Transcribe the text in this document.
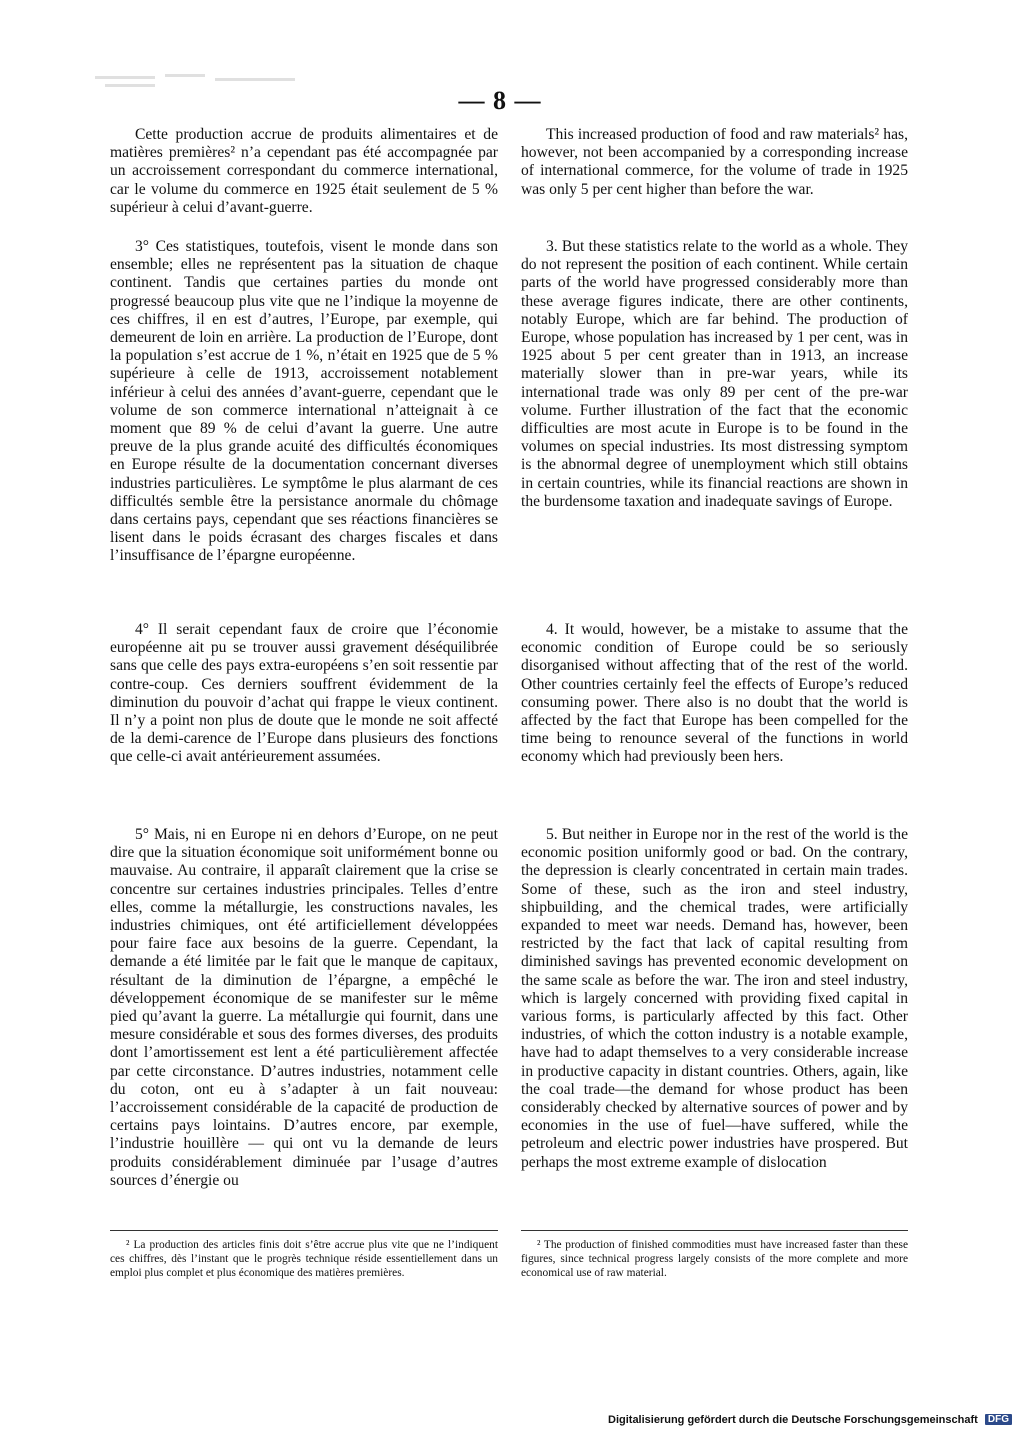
— 8 —

Cette production accrue de produits alimentaires et de matières premières² n’a cependant pas été accompagnée par un accroissement correspondant du commerce international, car le volume du commerce en 1925 était seulement de 5 % supérieur à celui d’avant-guerre.

3° Ces statistiques, toutefois, visent le monde dans son ensemble; elles ne représentent pas la situation de chaque continent. Tandis que certaines parties du monde ont progressé beaucoup plus vite que ne l’indique la moyenne de ces chiffres, il en est d’autres, l’Europe, par exemple, qui demeurent de loin en arrière. La production de l’Europe, dont la population s’est accrue de 1 %, n’était en 1925 que de 5 % supérieure à celle de 1913, accroissement notablement inférieur à celui des années d’avant-guerre, cependant que le volume de son commerce international n’atteignait à ce moment que 89 % de celui d’avant la guerre. Une autre preuve de la plus grande acuité des difficultés économiques en Europe résulte de la documentation concernant diverses industries particulières. Le symptôme le plus alarmant de ces difficultés semble être la persistance anormale du chômage dans certains pays, cependant que ses réactions financières se lisent dans le poids écrasant des charges fiscales et dans l’insuffisance de l’épargne européenne.

4° Il serait cependant faux de croire que l’économie européenne ait pu se trouver aussi gravement déséquilibrée sans que celle des pays extra-européens s’en soit ressentie par contre-coup. Ces derniers souffrent évidemment de la diminution du pouvoir d’achat qui frappe le vieux continent. Il n’y a point non plus de doute que le monde ne soit affecté de la demi-carence de l’Europe dans plusieurs des fonctions que celle-ci avait antérieurement assumées.

5° Mais, ni en Europe ni en dehors d’Europe, on ne peut dire que la situation économique soit uniformément bonne ou mauvaise. Au contraire, il apparaît clairement que la crise se concentre sur certaines industries principales. Telles d’entre elles, comme la métallurgie, les constructions navales, les industries chimiques, ont été artificiellement développées pour faire face aux besoins de la guerre. Cependant, la demande a été limitée par le fait que le manque de capitaux, résultant de la diminution de l’épargne, a empêché le développement économique de se manifester sur le même pied qu’avant la guerre. La métallurgie qui fournit, dans une mesure considérable et sous des formes diverses, des produits dont l’amortissement est lent a été particulièrement affectée par cette circonstance. D’autres industries, notamment celle du coton, ont eu à s’adapter à un fait nouveau: l’accroissement considérable de la capacité de production de certains pays lointains. D’autres encore, par exemple, l’industrie houillère — qui ont vu la demande de leurs produits considérablement diminuée par l’usage d’autres sources d’énergie ou

This increased production of food and raw materials² has, however, not been accompanied by a corresponding increase of international commerce, for the volume of trade in 1925 was only 5 per cent higher than before the war.

3. But these statistics relate to the world as a whole. They do not represent the position of each continent. While certain parts of the world have progressed considerably more than these average figures indicate, there are other continents, notably Europe, which are far behind. The production of Europe, whose population has increased by 1 per cent, was in 1925 about 5 per cent greater than in 1913, an increase materially slower than in pre-war years, while its international trade was only 89 per cent of the pre-war volume. Further illustration of the fact that the economic difficulties are most acute in Europe is to be found in the volumes on special industries. Its most distressing symptom is the abnormal degree of unemployment which still obtains in certain countries, while its financial reactions are shown in the burdensome taxation and inadequate savings of Europe.

4. It would, however, be a mistake to assume that the economic condition of Europe could be so seriously disorganised without affecting that of the rest of the world. Other countries certainly feel the effects of Europe’s reduced consuming power. There also is no doubt that the world is affected by the fact that Europe has been compelled for the time being to renounce several of the functions in world economy which had previously been hers.

5. But neither in Europe nor in the rest of the world is the economic position uniformly good or bad. On the contrary, the depression is clearly concentrated in certain main trades. Some of these, such as the iron and steel industry, shipbuilding, and the chemical trades, were artificially expanded to meet war needs. Demand has, however, been restricted by the fact that lack of capital resulting from diminished savings has prevented economic development on the same scale as before the war. The iron and steel industry, which is largely concerned with providing fixed capital in various forms, is particularly affected by this fact. Other industries, of which the cotton industry is a notable example, have had to adapt themselves to a very considerable increase in productive capacity in distant countries. Others, again, like the coal trade—the demand for whose product has been considerably checked by alternative sources of power and by economies in the use of fuel—have suffered, while the petroleum and electric power industries have prospered. But perhaps the most extreme example of dislocation

² La production des articles finis doit s’être accrue plus vite que ne l’indiquent ces chiffres, dès l’instant que le progrès technique réside essentiellement dans un emploi plus complet et plus économique des matières premières.

² The production of finished commodities must have increased faster than these figures, since technical progress largely consists of the more complete and more economical use of raw material.

Digitalisierung gefördert durch die Deutsche Forschungsgemeinschaft DFG
